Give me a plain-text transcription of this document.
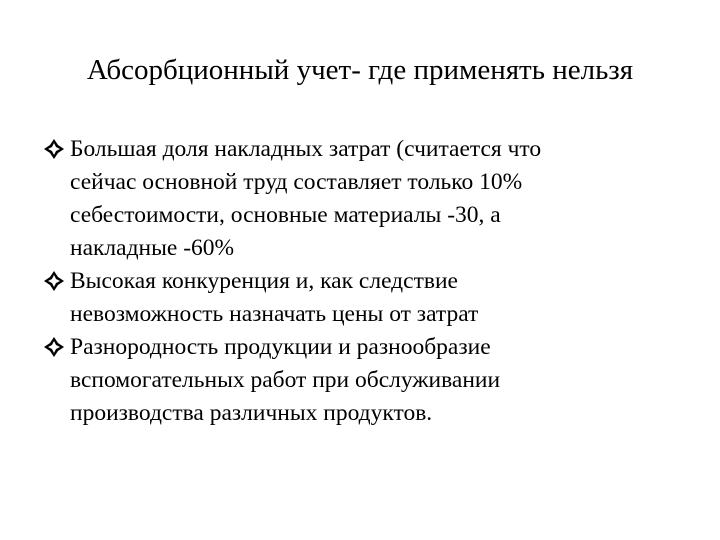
Абсорбционный учет- где применять нельзя
Большая доля накладных затрат (считается что
сейчас основной труд составляет только 10%
себестоимости, основные материалы -30, а
накладные -60%
Высокая конкуренция и, как следствие
невозможность назначать цены от затрат
Разнородность продукции и разнообразие
вспомогательных работ при обслуживании
производства различных продуктов.
